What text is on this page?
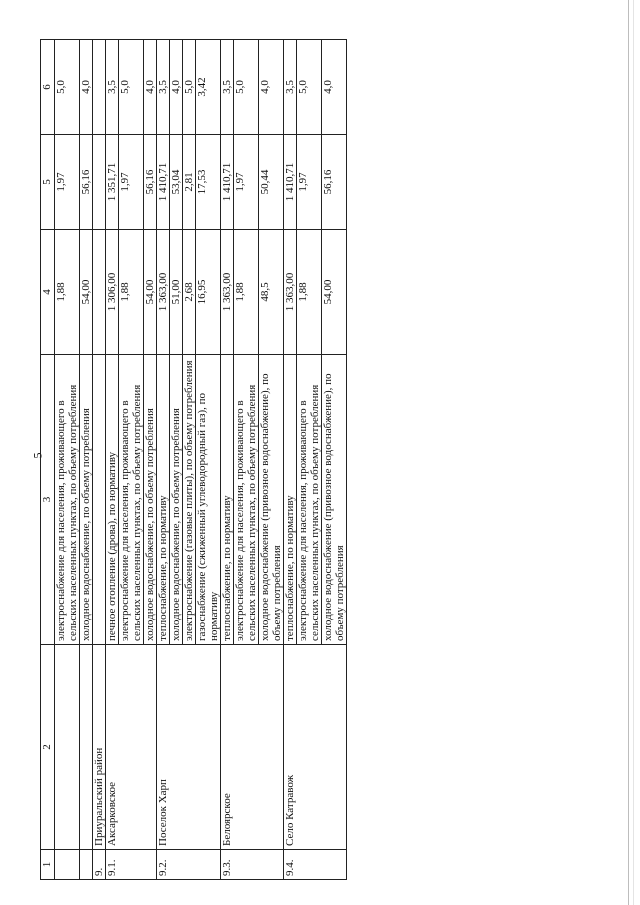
5
1	2	3	4	5	6
		электроснабжение для населения, проживающего в сельских населенных пунктах, по объему потребления	1,88	1,97	5,0
		холодное водоснабжение, по объему потребления	54,00	56,16	4,0
9.	Приуральский район				
9.1.	Аксарковское	печное отопление (дрова), по нормативу	1 306,00	1 351,71	3,5
		электроснабжение для населения, проживающего в сельских населенных пунктах, по объему потребления	1,88	1,97	5,0
		холодное водоснабжение, по объему потребления	54,00	56,16	4,0
9.2.	Поселок Харп	теплоснабжение, по нормативу	1 363,00	1 410,71	3,5
		холодное водоснабжение, по объему потребления	51,00	53,04	4,0
		электроснабжение (газовые плиты), по объему потребления	2,68	2,81	5,0
		газоснабжение (сжиженный углеводородный газ), по нормативу	16,95	17,53	3,42
9.3.	Белоярское	теплоснабжение, по нормативу	1 363,00	1 410,71	3,5
		электроснабжение для населения, проживающего в сельских населенных пунктах, по объему потребления	1,88	1,97	5,0
		холодное водоснабжение (привозное водоснабжение), по объему потребления	48,5	50,44	4,0
9.4.	Село Катравож	теплоснабжение, по нормативу	1 363,00	1 410,71	3,5
		электроснабжение для населения, проживающего в сельских населенных пунктах, по объему потребления	1,88	1,97	5,0
		холодное водоснабжение (привозное водоснабжение), по объему потребления	54,00	56,16	4,0
